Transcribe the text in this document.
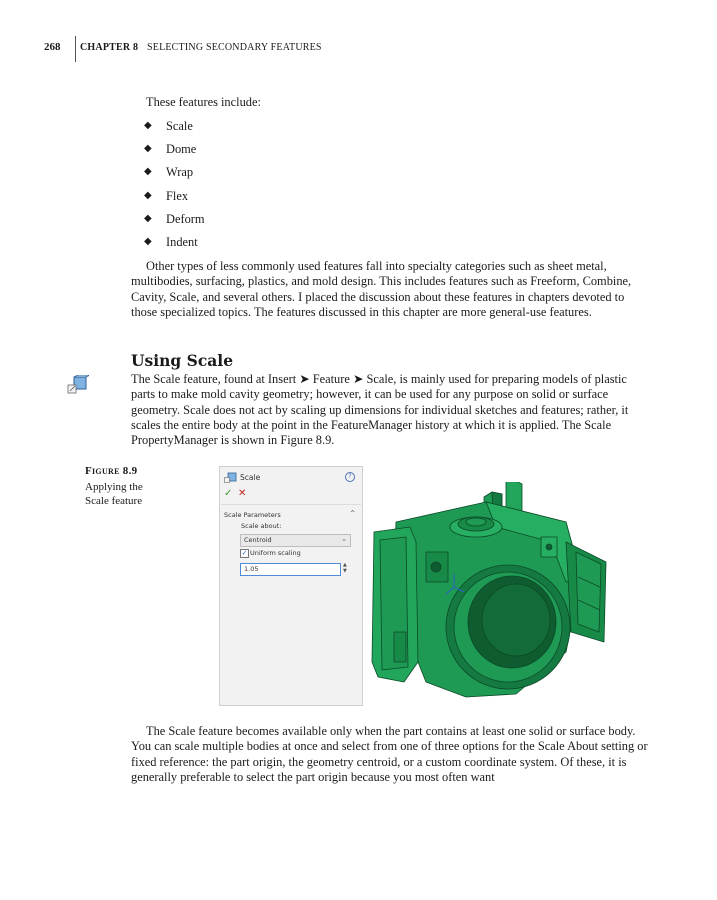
268 CHAPTER 8 SELECTING SECONDARY FEATURES
These features include:
◆	Scale
◆	Dome
◆	Wrap
◆	Flex
◆	Deform
◆	Indent

Other types of less commonly used features fall into specialty categories such as sheet metal, multibodies, surfacing, plastics, and mold design. This includes features such as Freeform, Combine, Cavity, Scale, and several others. I placed the discussion about these features in chapters devoted to those specialized topics. The features discussed in this chapter are more general-use features.

Using Scale

The Scale feature, found at Insert ➤ Feature ➤ Scale, is mainly used for preparing models of plastic parts to make mold cavity geometry; however, it can be used for any purpose on solid or surface geometry. Scale does not act by scaling up dimensions for individual sketches and features; rather, it scales the entire body at the point in the FeatureManager history at which it is applied. The Scale PropertyManager is shown in Figure 8.9.

Figure 8.9
Applying the Scale feature
Scale	?
✓ ✕
Scale Parameters	⌃
Scale about:
Centroid	⌄
✓ Uniform scaling
1.05	▲
▼

The Scale feature becomes available only when the part contains at least one solid or surface body. You can scale multiple bodies at once and select from one of three options for the Scale About setting or fixed reference: the part origin, the geometry centroid, or a custom coordinate system. Of these, it is generally preferable to select the part origin because you most often want
